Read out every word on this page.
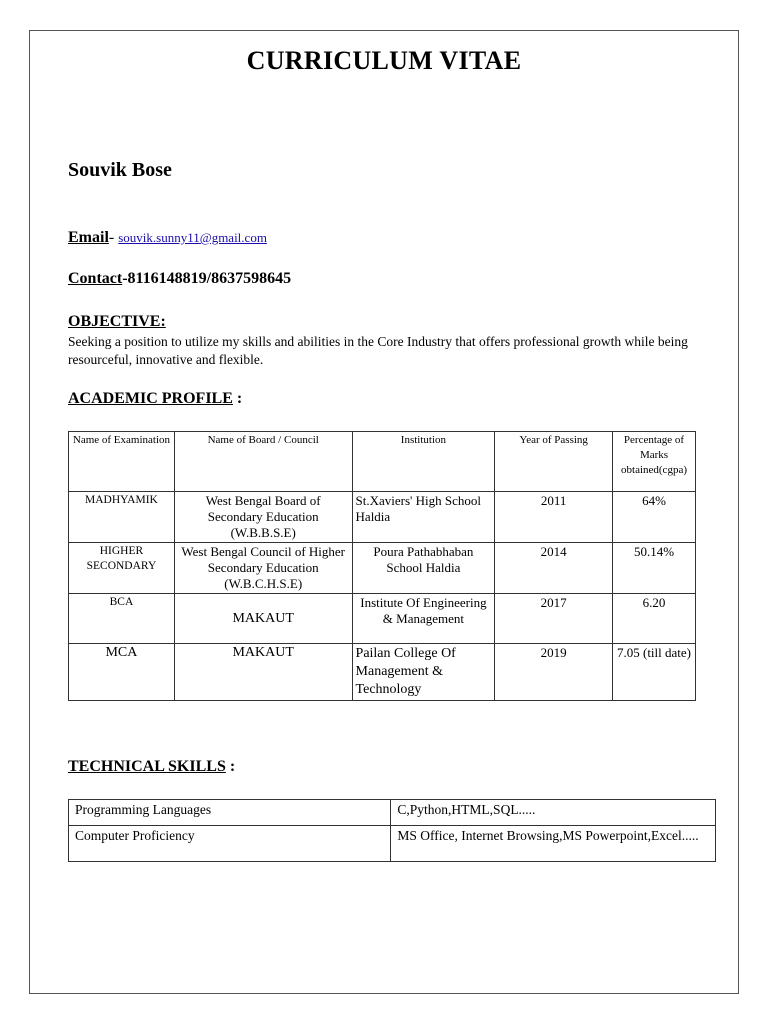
CURRICULUM VITAE
Souvik Bose
Email- souvik.sunny11@gmail.com
Contact-8116148819/8637598645
OBJECTIVE:
Seeking a position to utilize my skills and abilities in the Core Industry that offers professional growth while being resourceful, innovative and flexible.
ACADEMIC PROFILE :
Name of Examination	Name of Board / Council	Institution	Year of Passing	Percentage of Marks obtained(cgpa)
MADHYAMIK	West Bengal Board of Secondary Education (W.B.B.S.E)	St.Xaviers' High School Haldia	2011	64%
HIGHER SECONDARY	West Bengal Council of Higher Secondary Education (W.B.C.H.S.E)	Poura Pathabhaban School Haldia	2014	50.14%
BCA	MAKAUT	Institute Of Engineering & Management	2017	6.20
MCA	MAKAUT	Pailan College Of Management & Technology	2019	7.05 (till date)
TECHNICAL SKILLS :
Programming Languages	C,Python,HTML,SQL.....
Computer Proficiency	MS Office, Internet Browsing,MS Powerpoint,Excel.....
